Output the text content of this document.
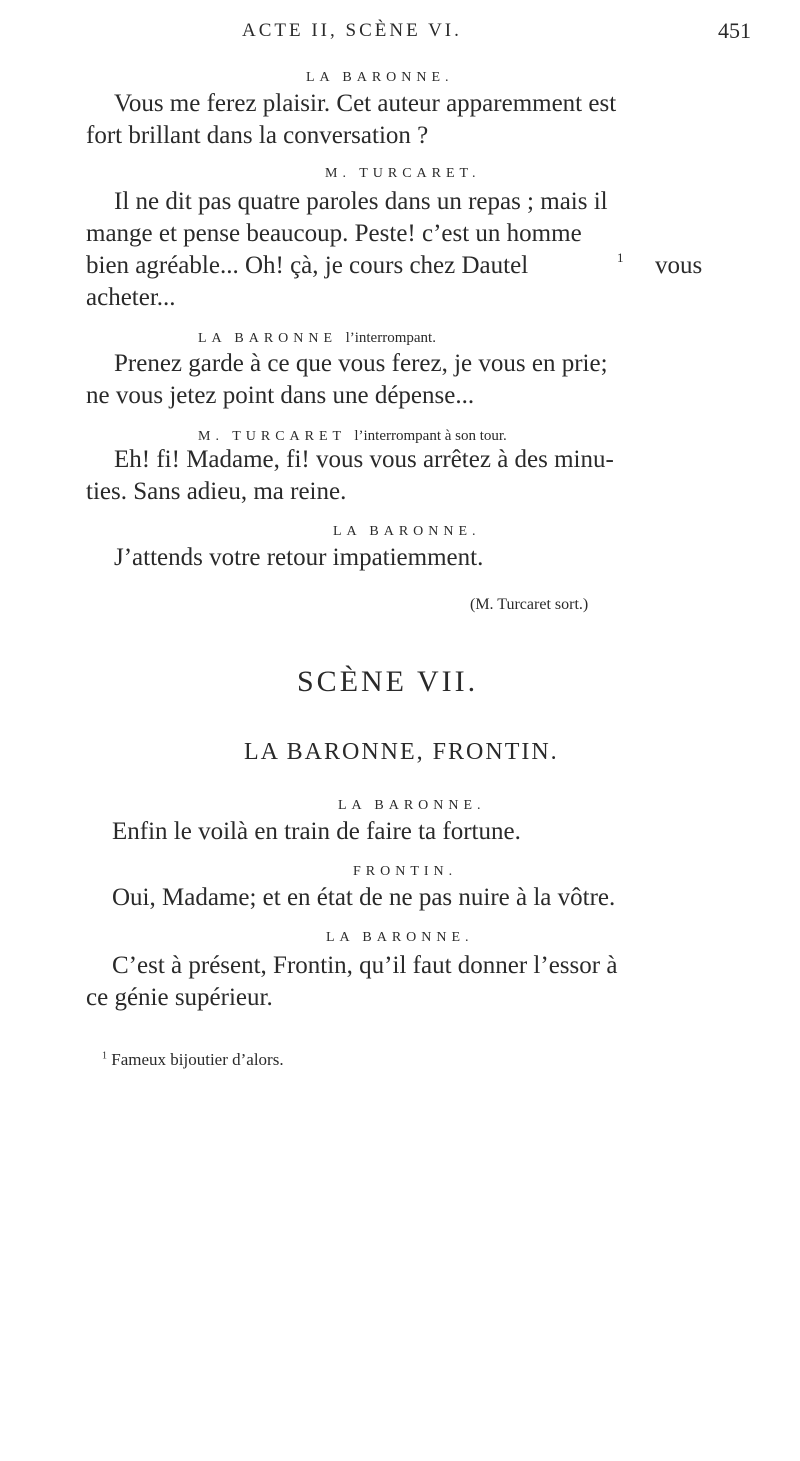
ACTE II, SCÈNE VI.	451
LA BARONNE.
Vous me ferez plaisir. Cet auteur apparemment est
fort brillant dans la conversation ?
M. TURCARET.
Il ne dit pas quatre paroles dans un repas ; mais il
mange et pense beaucoup. Peste! c’est un homme
bien agréable... Oh! çà, je cours chez Dautel	1 vous
acheter...
LA BARONNE l’interrompant.
Prenez garde à ce que vous ferez, je vous en prie;
ne vous jetez point dans une dépense...
M. TURCARET l’interrompant à son tour.
Eh! fi! Madame, fi! vous vous arrêtez à des minu-
ties. Sans adieu, ma reine.
LA BARONNE.
J’attends votre retour impatiemment.
(M. Turcaret sort.)
SCÈNE VII.
LA BARONNE, FRONTIN.
LA BARONNE.
Enfin le voilà en train de faire ta fortune.
FRONTIN.
Oui, Madame; et en état de ne pas nuire à la vôtre.
LA BARONNE.
C’est à présent, Frontin, qu’il faut donner l’essor à
ce génie supérieur.
$^1$ Fameux bijoutier d’alors.
